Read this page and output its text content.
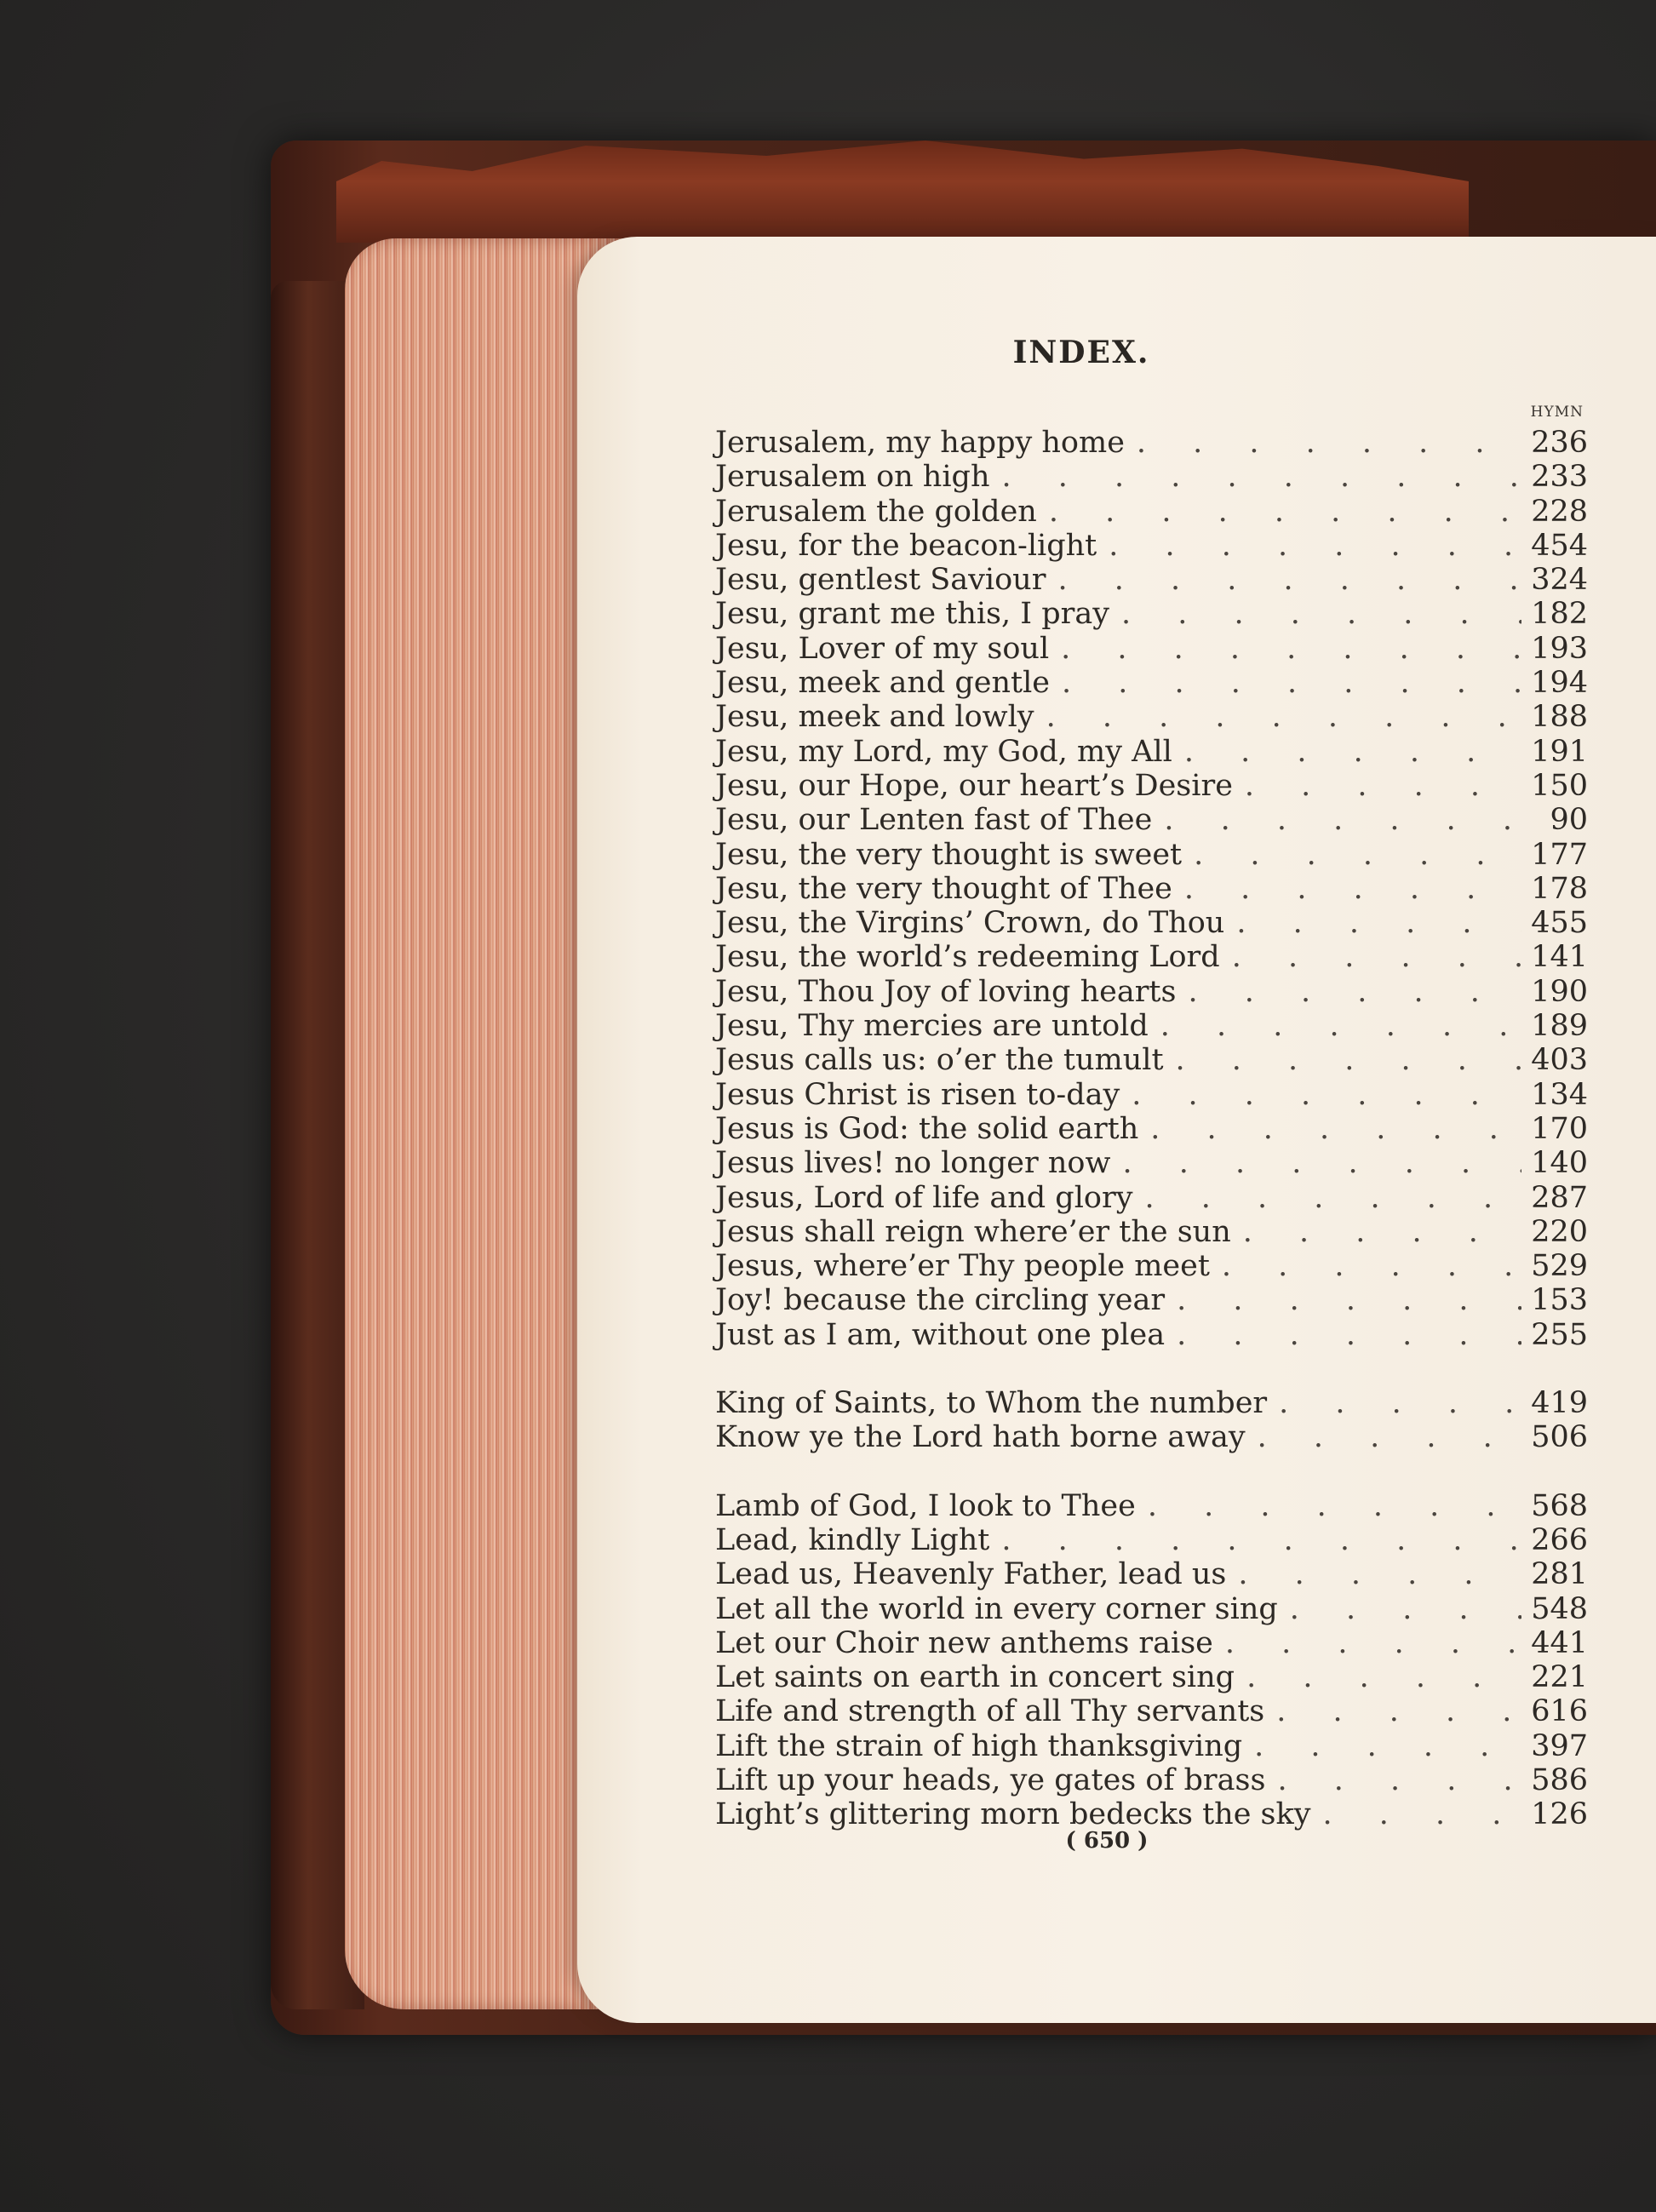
INDEX.
HYMN
Jerusalem, my happy home . . .	236
Jerusalem on high . . .	233
Jerusalem the golden . . .	228
Jesu, for the beacon-light . . .	454
Jesu, gentlest Saviour . . .	324
Jesu, grant me this, I pray . . .	182
Jesu, Lover of my soul . . .	193
Jesu, meek and gentle . . .	194
Jesu, meek and lowly . . .	188
Jesu, my Lord, my God, my All . . .	191
Jesu, our Hope, our heart’s Desire . . .	150
Jesu, our Lenten fast of Thee . . .	90
Jesu, the very thought is sweet . . .	177
Jesu, the very thought of Thee . . .	178
Jesu, the Virgins’ Crown, do Thou . . .	455
Jesu, the world’s redeeming Lord . . .	141
Jesu, Thou Joy of loving hearts . . .	190
Jesu, Thy mercies are untold . . .	189
Jesus calls us: o’er the tumult . . .	403
Jesus Christ is risen to-day . . .	134
Jesus is God: the solid earth . . .	170
Jesus lives! no longer now . . .	140
Jesus, Lord of life and glory . . .	287
Jesus shall reign where’er the sun . . .	220
Jesus, where’er Thy people meet . . .	529
Joy! because the circling year . . .	153
Just as I am, without one plea . . .	255
King of Saints, to Whom the number . . .	419
Know ye the Lord hath borne away . . .	506
Lamb of God, I look to Thee . . .	568
Lead, kindly Light . . .	266
Lead us, Heavenly Father, lead us . . .	281
Let all the world in every corner sing . . .	548
Let our Choir new anthems raise . . .	441
Let saints on earth in concert sing . . .	221
Life and strength of all Thy servants . . .	616
Lift the strain of high thanksgiving . . .	397
Lift up your heads, ye gates of brass . . .	586
Light’s glittering morn bedecks the sky . . .	126
( 650 )
